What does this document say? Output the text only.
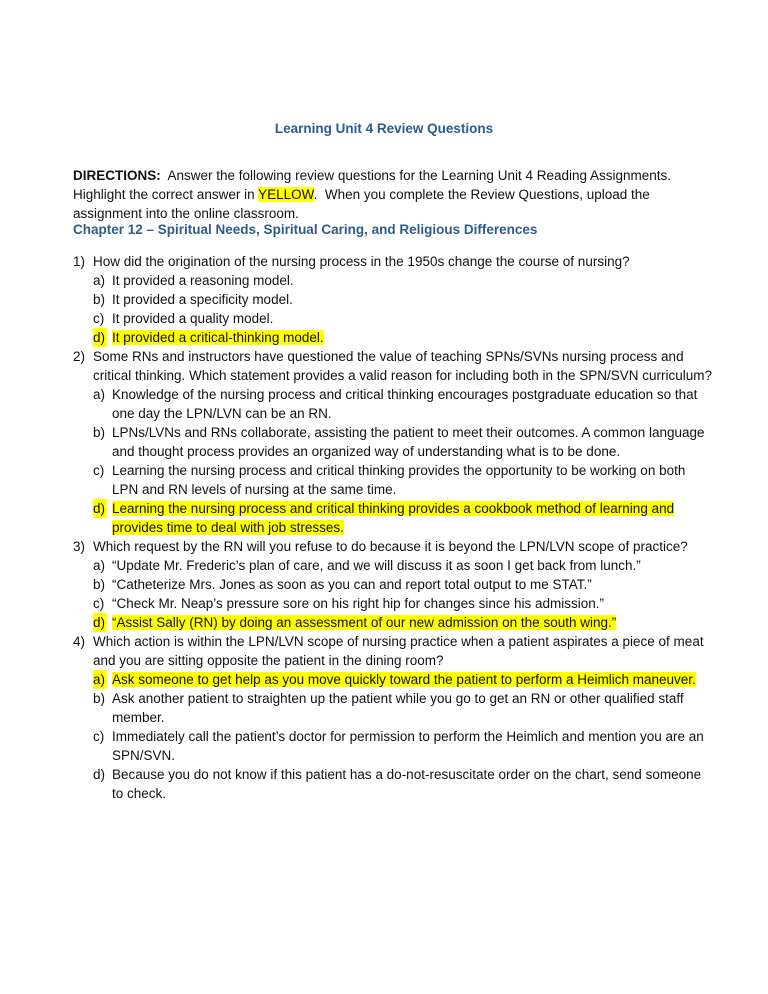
Learning Unit 4 Review Questions
DIRECTIONS:  Answer the following review questions for the Learning Unit 4 Reading Assignments. Highlight the correct answer in YELLOW.  When you complete the Review Questions, upload the assignment into the online classroom.
Chapter 12 – Spiritual Needs, Spiritual Caring, and Religious Differences
1) How did the origination of the nursing process in the 1950s change the course of nursing?
a) It provided a reasoning model.
b) It provided a specificity model.
c) It provided a quality model.
d) It provided a critical-thinking model.
2) Some RNs and instructors have questioned the value of teaching SPNs/SVNs nursing process and critical thinking. Which statement provides a valid reason for including both in the SPN/SVN curriculum?
a) Knowledge of the nursing process and critical thinking encourages postgraduate education so that one day the LPN/LVN can be an RN.
b) LPNs/LVNs and RNs collaborate, assisting the patient to meet their outcomes. A common language and thought process provides an organized way of understanding what is to be done.
c) Learning the nursing process and critical thinking provides the opportunity to be working on both LPN and RN levels of nursing at the same time.
d) Learning the nursing process and critical thinking provides a cookbook method of learning and provides time to deal with job stresses.
3) Which request by the RN will you refuse to do because it is beyond the LPN/LVN scope of practice?
a) “Update Mr. Frederic’s plan of care, and we will discuss it as soon I get back from lunch.”
b) “Catheterize Mrs. Jones as soon as you can and report total output to me STAT.”
c) “Check Mr. Neap’s pressure sore on his right hip for changes since his admission.”
d) “Assist Sally (RN) by doing an assessment of our new admission on the south wing.”
4) Which action is within the LPN/LVN scope of nursing practice when a patient aspirates a piece of meat and you are sitting opposite the patient in the dining room?
a) Ask someone to get help as you move quickly toward the patient to perform a Heimlich maneuver.
b) Ask another patient to straighten up the patient while you go to get an RN or other qualified staff member.
c) Immediately call the patient’s doctor for permission to perform the Heimlich and mention you are an SPN/SVN.
d) Because you do not know if this patient has a do-not-resuscitate order on the chart, send someone to check.
